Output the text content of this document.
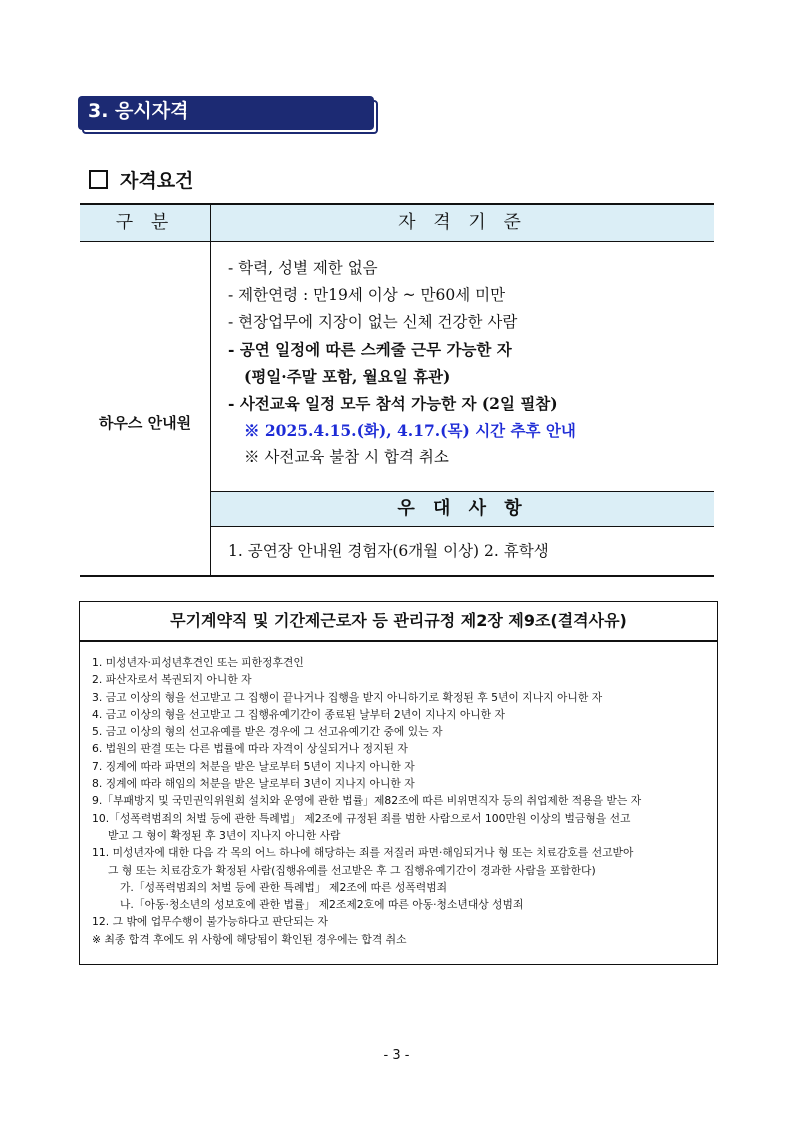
3. 응시자격
자격요건
구 분	자 격 기 준
하우스 안내원
- 학력, 성별 제한 없음
- 제한연령 : 만19세 이상 ~ 만60세 미만
- 현장업무에 지장이 없는 신체 건강한 사람
- 공연 일정에 따른 스케줄 근무 가능한 자
(평일·주말 포함, 월요일 휴관)
- 사전교육 일정 모두 참석 가능한 자 (2일 필참)
※ 2025.4.15.(화), 4.17.(목) 시간 추후 안내
※ 사전교육 불참 시 합격 취소
우 대 사 항
1. 공연장 안내원 경험자(6개월 이상) 2. 휴학생
무기계약직 및 기간제근로자 등 관리규정 제2장 제9조(결격사유)
1. 미성년자·피성년후견인 또는 피한정후견인
2. 파산자로서 복권되지 아니한 자
3. 금고 이상의 형을 선고받고 그 집행이 끝나거나 집행을 받지 아니하기로 확정된 후 5년이 지나지 아니한 자
4. 금고 이상의 형을 선고받고 그 집행유예기간이 종료된 날부터 2년이 지나지 아니한 자
5. 금고 이상의 형의 선고유예를 받은 경우에 그 선고유예기간 중에 있는 자
6. 법원의 판결 또는 다른 법률에 따라 자격이 상실되거나 정지된 자
7. 징계에 따라 파면의 처분을 받은 날로부터 5년이 지나지 아니한 자
8. 징계에 따라 해임의 처분을 받은 날로부터 3년이 지나지 아니한 자
9.「부패방지 및 국민권익위원회 설치와 운영에 관한 법률」제82조에 따른 비위면직자 등의 취업제한 적용을 받는 자
10.「성폭력범죄의 처벌 등에 관한 특례법」 제2조에 규정된 죄를 범한 사람으로서 100만원 이상의 벌금형을 선고
받고 그 형이 확정된 후 3년이 지나지 아니한 사람
11. 미성년자에 대한 다음 각 목의 어느 하나에 해당하는 죄를 저질러 파면·해임되거나 형 또는 치료감호를 선고받아
그 형 또는 치료감호가 확정된 사람(집행유예를 선고받은 후 그 집행유예기간이 경과한 사람을 포함한다)
가.「성폭력범죄의 처벌 등에 관한 특례법」 제2조에 따른 성폭력범죄
나.「아동·청소년의 성보호에 관한 법률」 제2조제2호에 따른 아동·청소년대상 성범죄
12. 그 밖에 업무수행이 불가능하다고 판단되는 자
※ 최종 합격 후에도 위 사항에 해당됨이 확인된 경우에는 합격 취소
- 3 -
